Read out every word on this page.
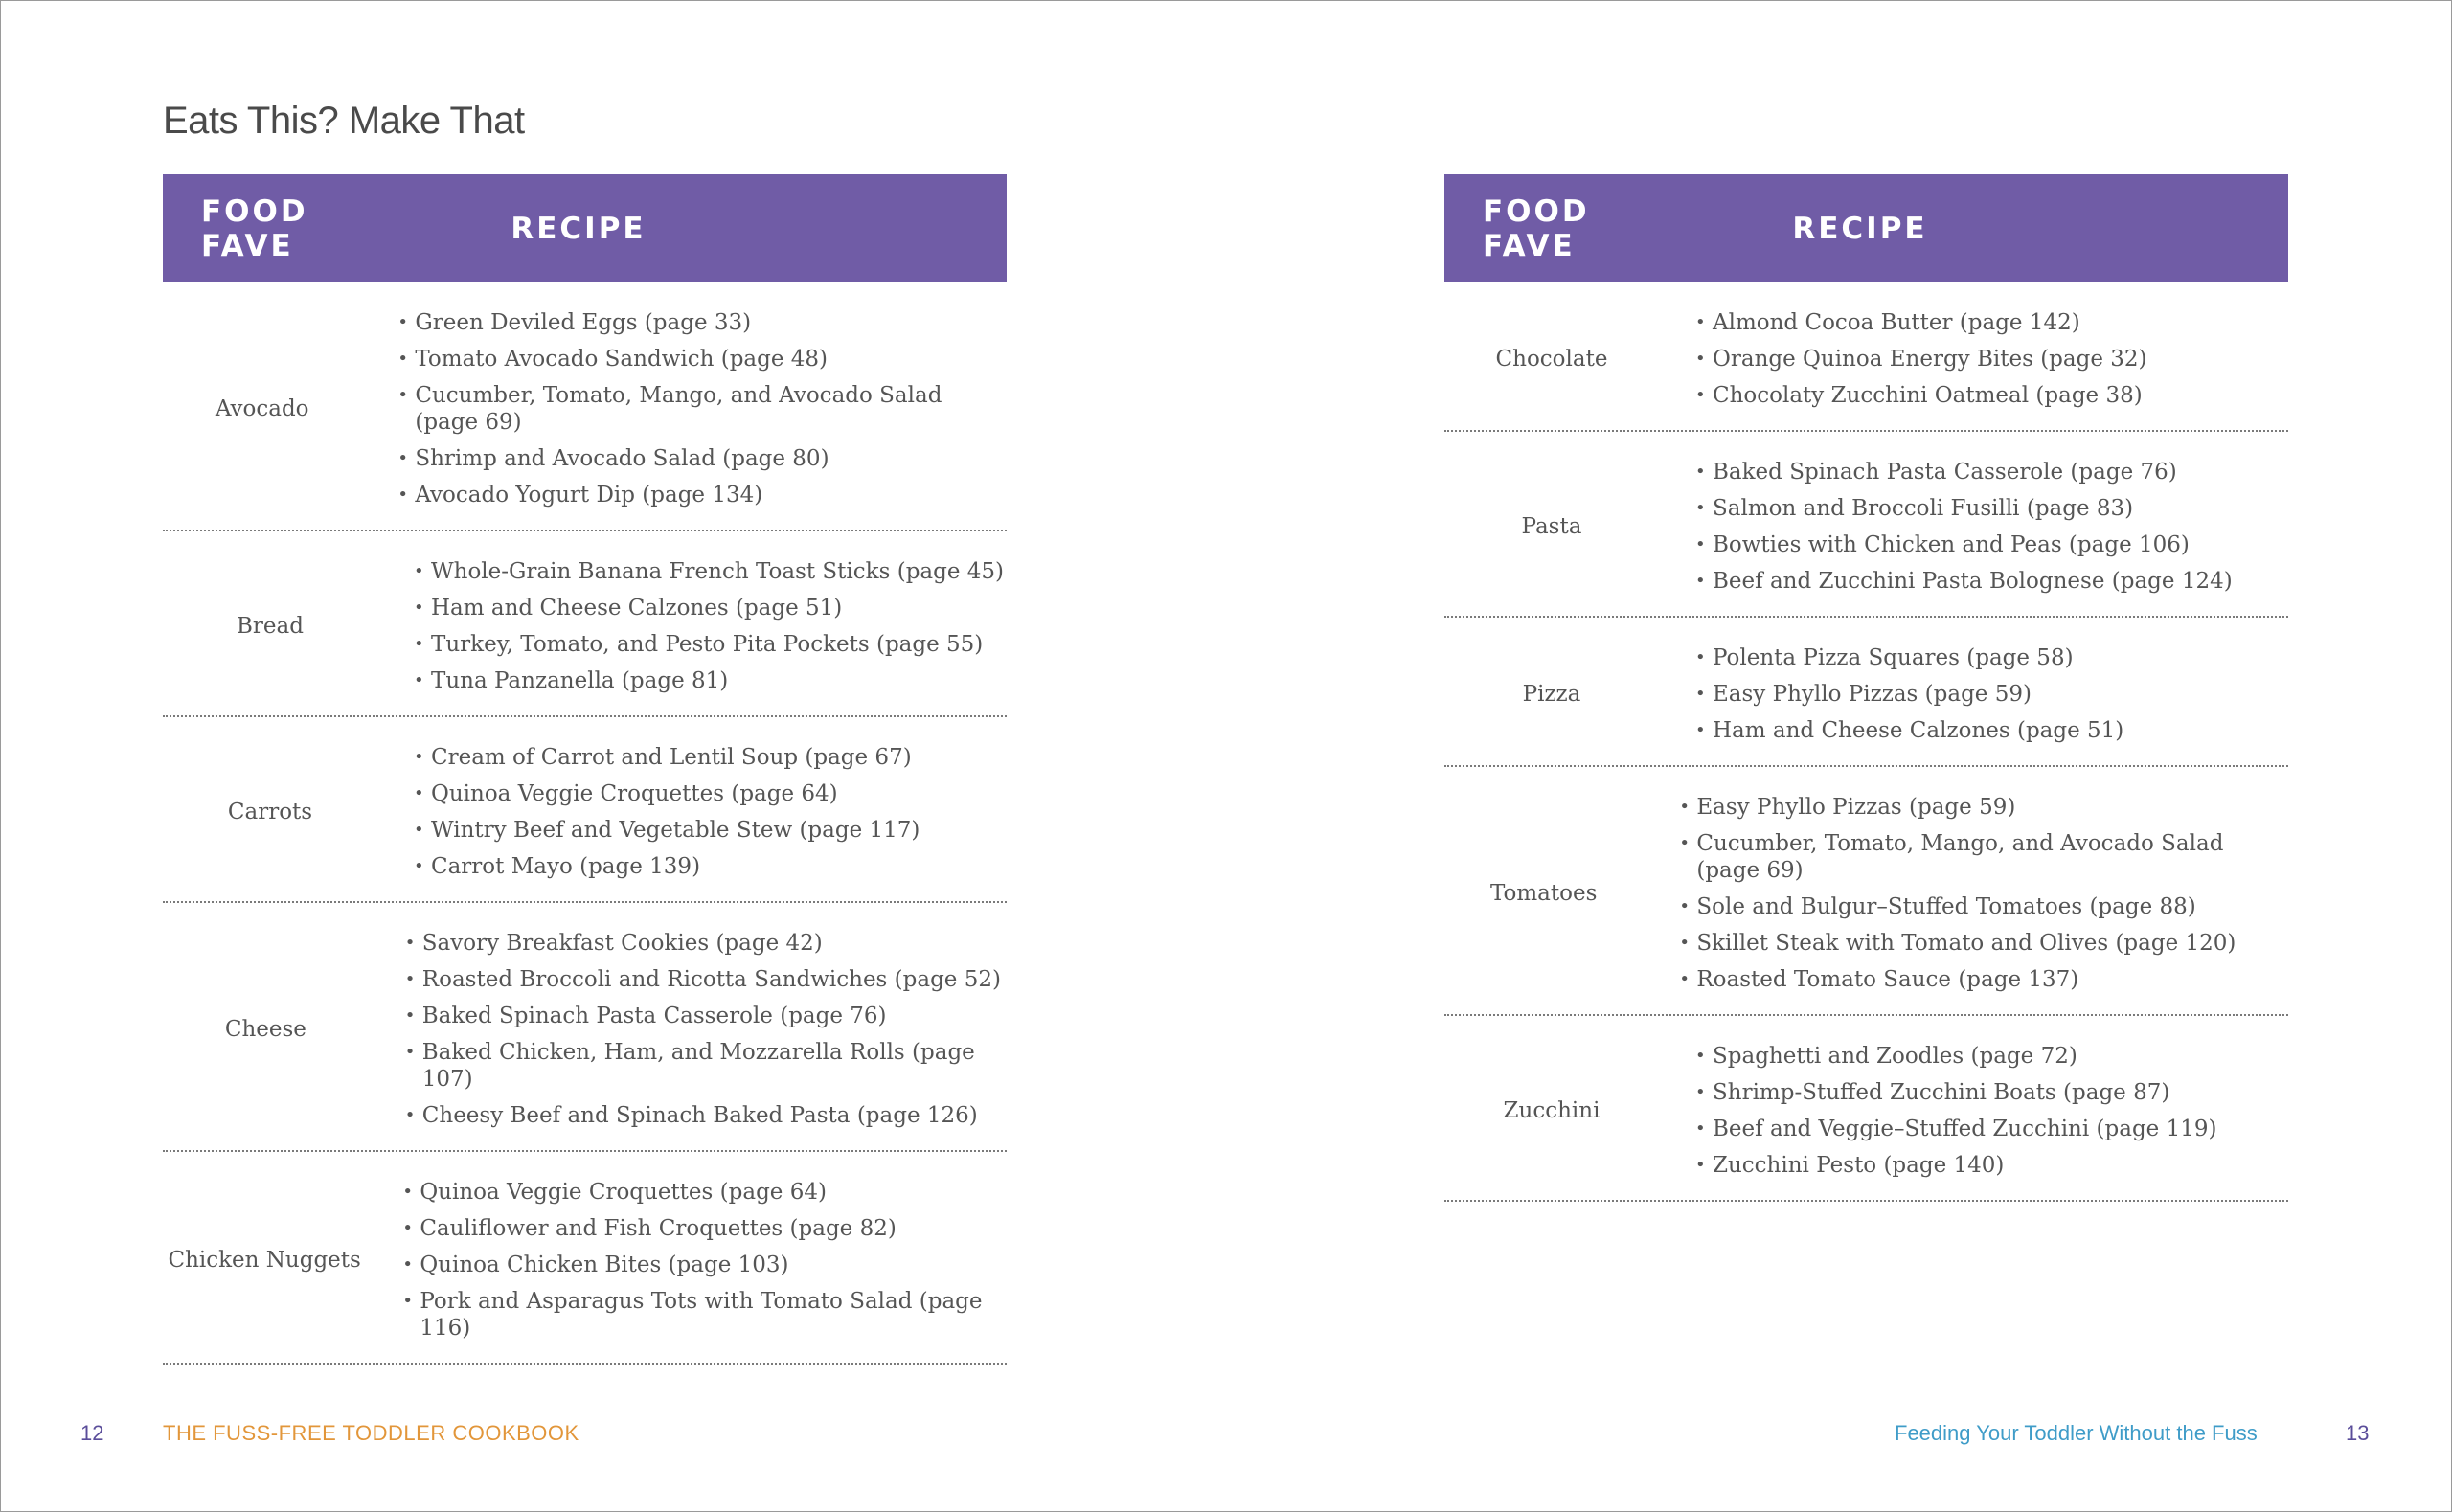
Eats This? Make That
FOOD FAVE	RECIPE
Avocado
• Green Deviled Eggs (page 33)
• Tomato Avocado Sandwich (page 48)
• Cucumber, Tomato, Mango, and Avocado Salad (page 69)
• Shrimp and Avocado Salad (page 80)
• Avocado Yogurt Dip (page 134)
Bread
• Whole-Grain Banana French Toast Sticks (page 45)
• Ham and Cheese Calzones (page 51)
• Turkey, Tomato, and Pesto Pita Pockets (page 55)
• Tuna Panzanella (page 81)
Carrots
• Cream of Carrot and Lentil Soup (page 67)
• Quinoa Veggie Croquettes (page 64)
• Wintry Beef and Vegetable Stew (page 117)
• Carrot Mayo (page 139)
Cheese
• Savory Breakfast Cookies (page 42)
• Roasted Broccoli and Ricotta Sandwiches (page 52)
• Baked Spinach Pasta Casserole (page 76)
• Baked Chicken, Ham, and Mozzarella Rolls (page 107)
• Cheesy Beef and Spinach Baked Pasta (page 126)
Chicken Nuggets
• Quinoa Veggie Croquettes (page 64)
• Cauliflower and Fish Croquettes (page 82)
• Quinoa Chicken Bites (page 103)
• Pork and Asparagus Tots with Tomato Salad (page 116)
FOOD FAVE	RECIPE
Chocolate
• Almond Cocoa Butter (page 142)
• Orange Quinoa Energy Bites (page 32)
• Chocolaty Zucchini Oatmeal (page 38)
Pasta
• Baked Spinach Pasta Casserole (page 76)
• Salmon and Broccoli Fusilli (page 83)
• Bowties with Chicken and Peas (page 106)
• Beef and Zucchini Pasta Bolognese (page 124)
Pizza
• Polenta Pizza Squares (page 58)
• Easy Phyllo Pizzas (page 59)
• Ham and Cheese Calzones (page 51)
Tomatoes
• Easy Phyllo Pizzas (page 59)
• Cucumber, Tomato, Mango, and Avocado Salad (page 69)
• Sole and Bulgur–Stuffed Tomatoes (page 88)
• Skillet Steak with Tomato and Olives (page 120)
• Roasted Tomato Sauce (page 137)
Zucchini
• Spaghetti and Zoodles (page 72)
• Shrimp-Stuffed Zucchini Boats (page 87)
• Beef and Veggie–Stuffed Zucchini (page 119)
• Zucchini Pesto (page 140)
12	THE FUSS-FREE TODDLER COOKBOOK	Feeding Your Toddler Without the Fuss	13
